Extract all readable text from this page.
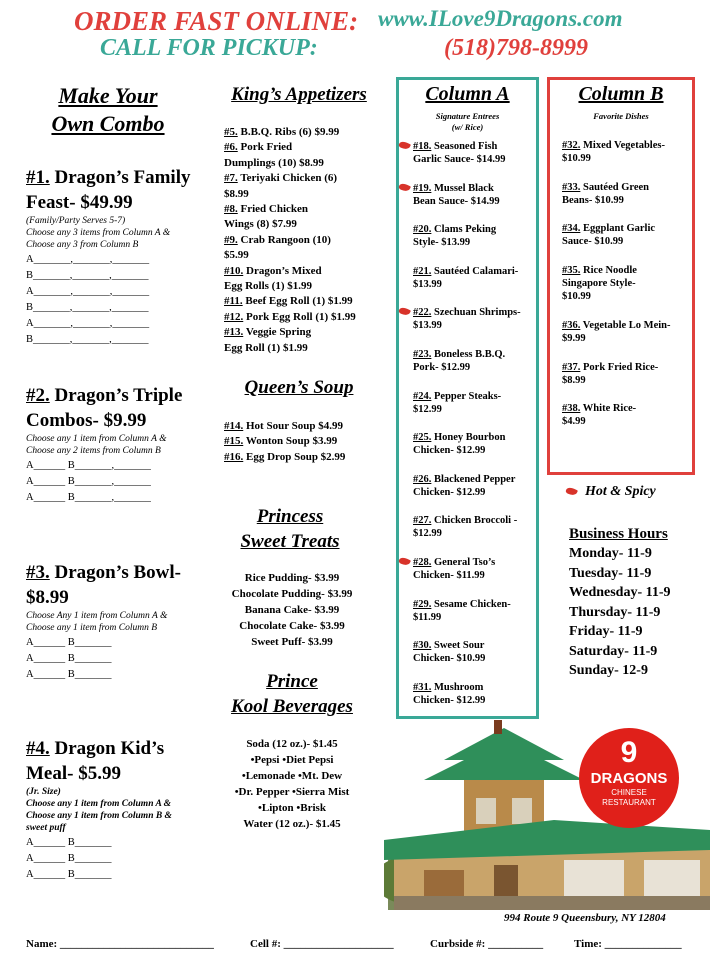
ORDER FAST ONLINE: www.ILove9Dragons.com
CALL FOR PICKUP:	(518)798-8999
Make Your
Own Combo
#1. Dragon’s Family
Feast- $49.99
(Family/Party Serves 5-7)
Choose any 3 items from Column A &
Choose any 3 from Column B
A_______,_______,_______
B_______,_______,_______
A_______,_______,_______
B_______,_______,_______
A_______,_______,_______
B_______,_______,_______
#2. Dragon’s Triple
Combos- $9.99
Choose any 1 item from Column A &
Choose any 2 items from Column B
A______ B_______,_______
A______ B_______,_______
A______ B_______,_______
#3. Dragon’s Bowl-
$8.99
Choose Any 1 item from Column A &
Choose any 1 item from Column B
A______ B_______
A______ B_______
A______ B_______
#4. Dragon Kid’s
Meal- $5.99
(Jr. Size)
Choose any 1 item from Column A &
Choose any 1 item from Column B &
sweet puff
A______ B_______
A______ B_______
A______ B_______
King’s Appetizers
#5. B.B.Q. Ribs (6) $9.99
#6. Pork Fried
Dumplings (10) $8.99
#7. Teriyaki Chicken (6)
$8.99
#8. Fried Chicken
Wings (8) $7.99
#9. Crab Rangoon (10)
$5.99
#10. Dragon’s Mixed
Egg Rolls (1) $1.99
#11. Beef Egg Roll (1) $1.99
#12. Pork Egg Roll (1) $1.99
#13. Veggie Spring
Egg Roll (1) $1.99
Queen’s Soup
#14. Hot Sour Soup $4.99
#15. Wonton Soup $3.99
#16. Egg Drop Soup $2.99
Princess
Sweet Treats
Rice Pudding- $3.99
Chocolate Pudding- $3.99
Banana Cake- $3.99
Chocolate Cake- $3.99
Sweet Puff- $3.99
Prince
Kool Beverages
Soda (12 oz.)- $1.45
•Pepsi •Diet Pepsi
•Lemonade •Mt. Dew
•Dr. Pepper •Sierra Mist
•Lipton •Brisk
Water (12 oz.)- $1.45
Column A
Signature Entrees
(w/ Rice)
#18. Seasoned Fish
Garlic Sauce- $14.99
#19. Mussel Black
Bean Sauce- $14.99
#20. Clams Peking
Style- $13.99
#21. Sautéed Calamari-
$13.99
#22. Szechuan Shrimps-
$13.99
#23. Boneless B.B.Q.
Pork- $12.99
#24. Pepper Steaks-
$12.99
#25. Honey Bourbon
Chicken- $12.99
#26. Blackened Pepper
Chicken- $12.99
#27. Chicken Broccoli -
$12.99
#28. General Tso’s
Chicken- $11.99
#29. Sesame Chicken-
$11.99
#30. Sweet Sour
Chicken- $10.99
#31. Mushroom
Chicken- $12.99
Column B
Favorite Dishes
#32. Mixed Vegetables-
$10.99
#33. Sautéed Green
Beans- $10.99
#34. Eggplant Garlic
Sauce- $10.99
#35. Rice Noodle
Singapore Style-
$10.99
#36. Vegetable Lo Mein-
$9.99
#37. Pork Fried Rice-
$8.99
#38. White Rice-
$4.99
Hot & Spicy
Business Hours
Monday- 11-9
Tuesday- 11-9
Wednesday- 11-9
Thursday- 11-9
Friday- 11-9
Saturday- 11-9
Sunday- 12-9
9
DRAGONS
CHINESE
RESTAURANT
994 Route 9 Queensbury, NY 12804
Name: ____________________________	Cell #: ____________________	Curbside #: __________	Time: ______________
